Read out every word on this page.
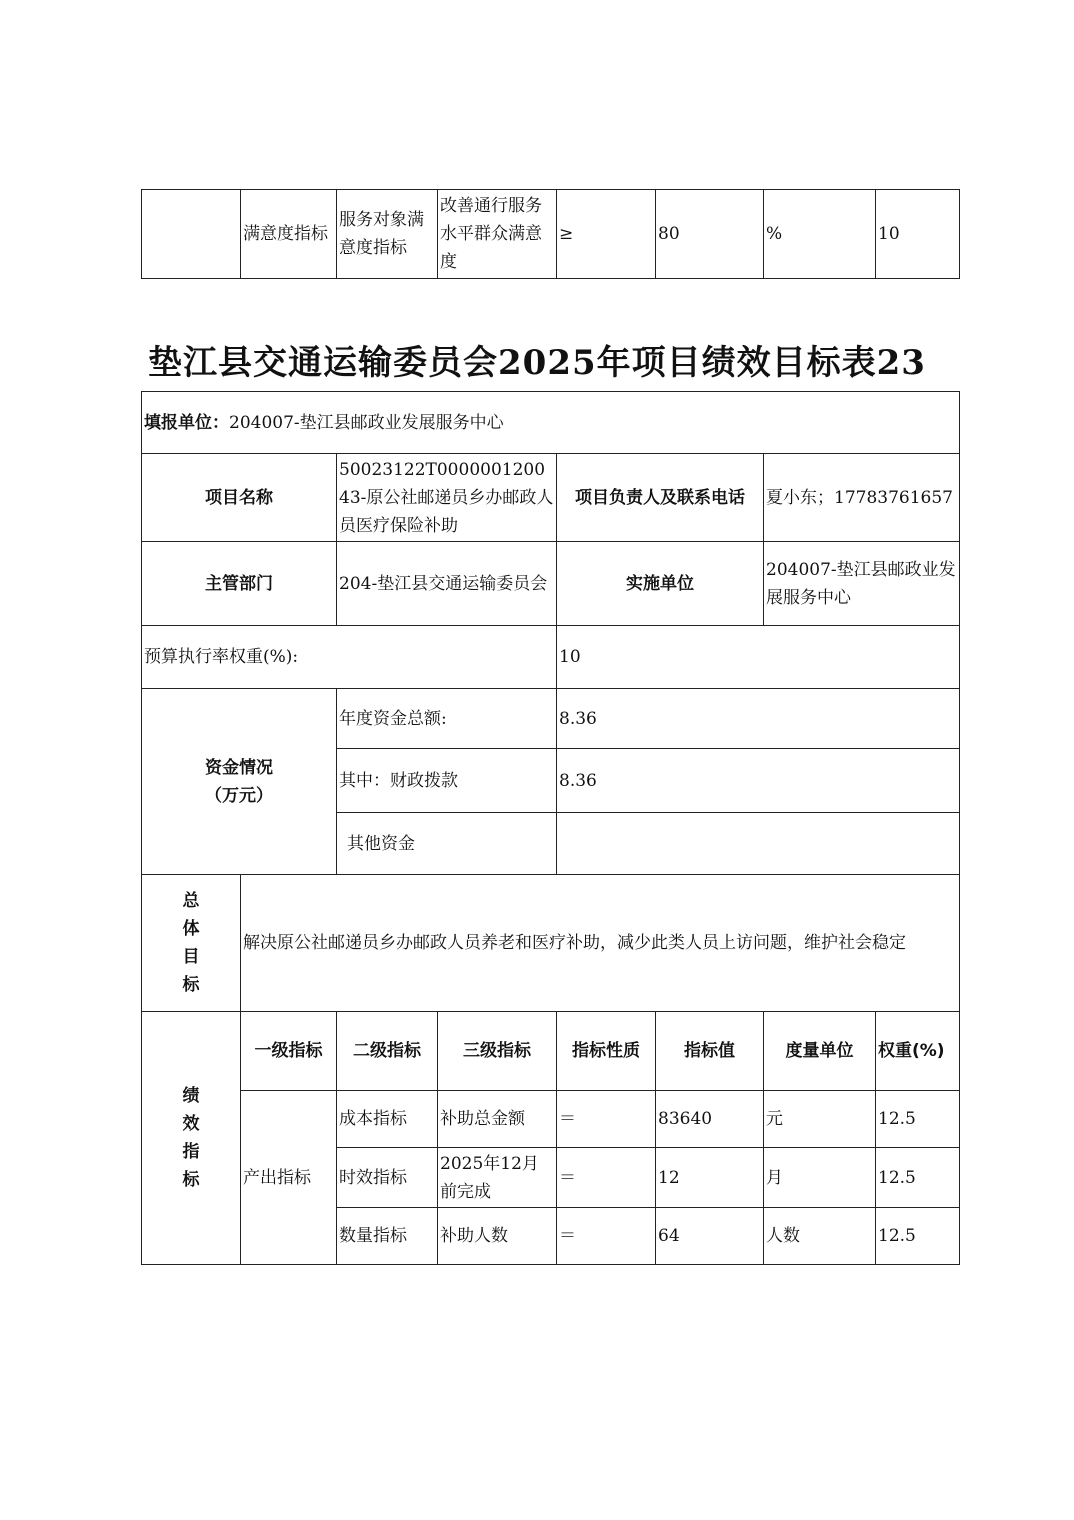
	满意度指标	服务对象满意度指标	改善通行服务水平群众满意度	≥	80	%	10
垫江县交通运输委员会2025年项目绩效目标表23
填报单位：204007-垫江县邮政业发展服务中心							
项目名称		50023122T000000120043-原公社邮递员乡办邮政人员医疗保险补助		项目负责人及联系电话		夏小东；17783761657	
主管部门		204-垫江县交通运输委员会		实施单位		204007-垫江县邮政业发展服务中心	
预算执行率权重(%):				10			
资金情况
（万元）		年度资金总额:		8.36			
		其中：财政拨款		8.36			
		其他资金					

总
体
目
标	解决原公社邮递员乡办邮政人员养老和医疗补助，减少此类人员上访问题，维护社会稳定						

绩
效
指
标	一级指标	二级指标	三级指标	指标性质	指标值	度量单位	权重(%)
	产出指标	成本指标	补助总金额	＝	83640	元	12.5
		时效指标	2025年12月前完成	＝	12	月	12.5
		数量指标	补助人数	＝	64	人数	12.5
